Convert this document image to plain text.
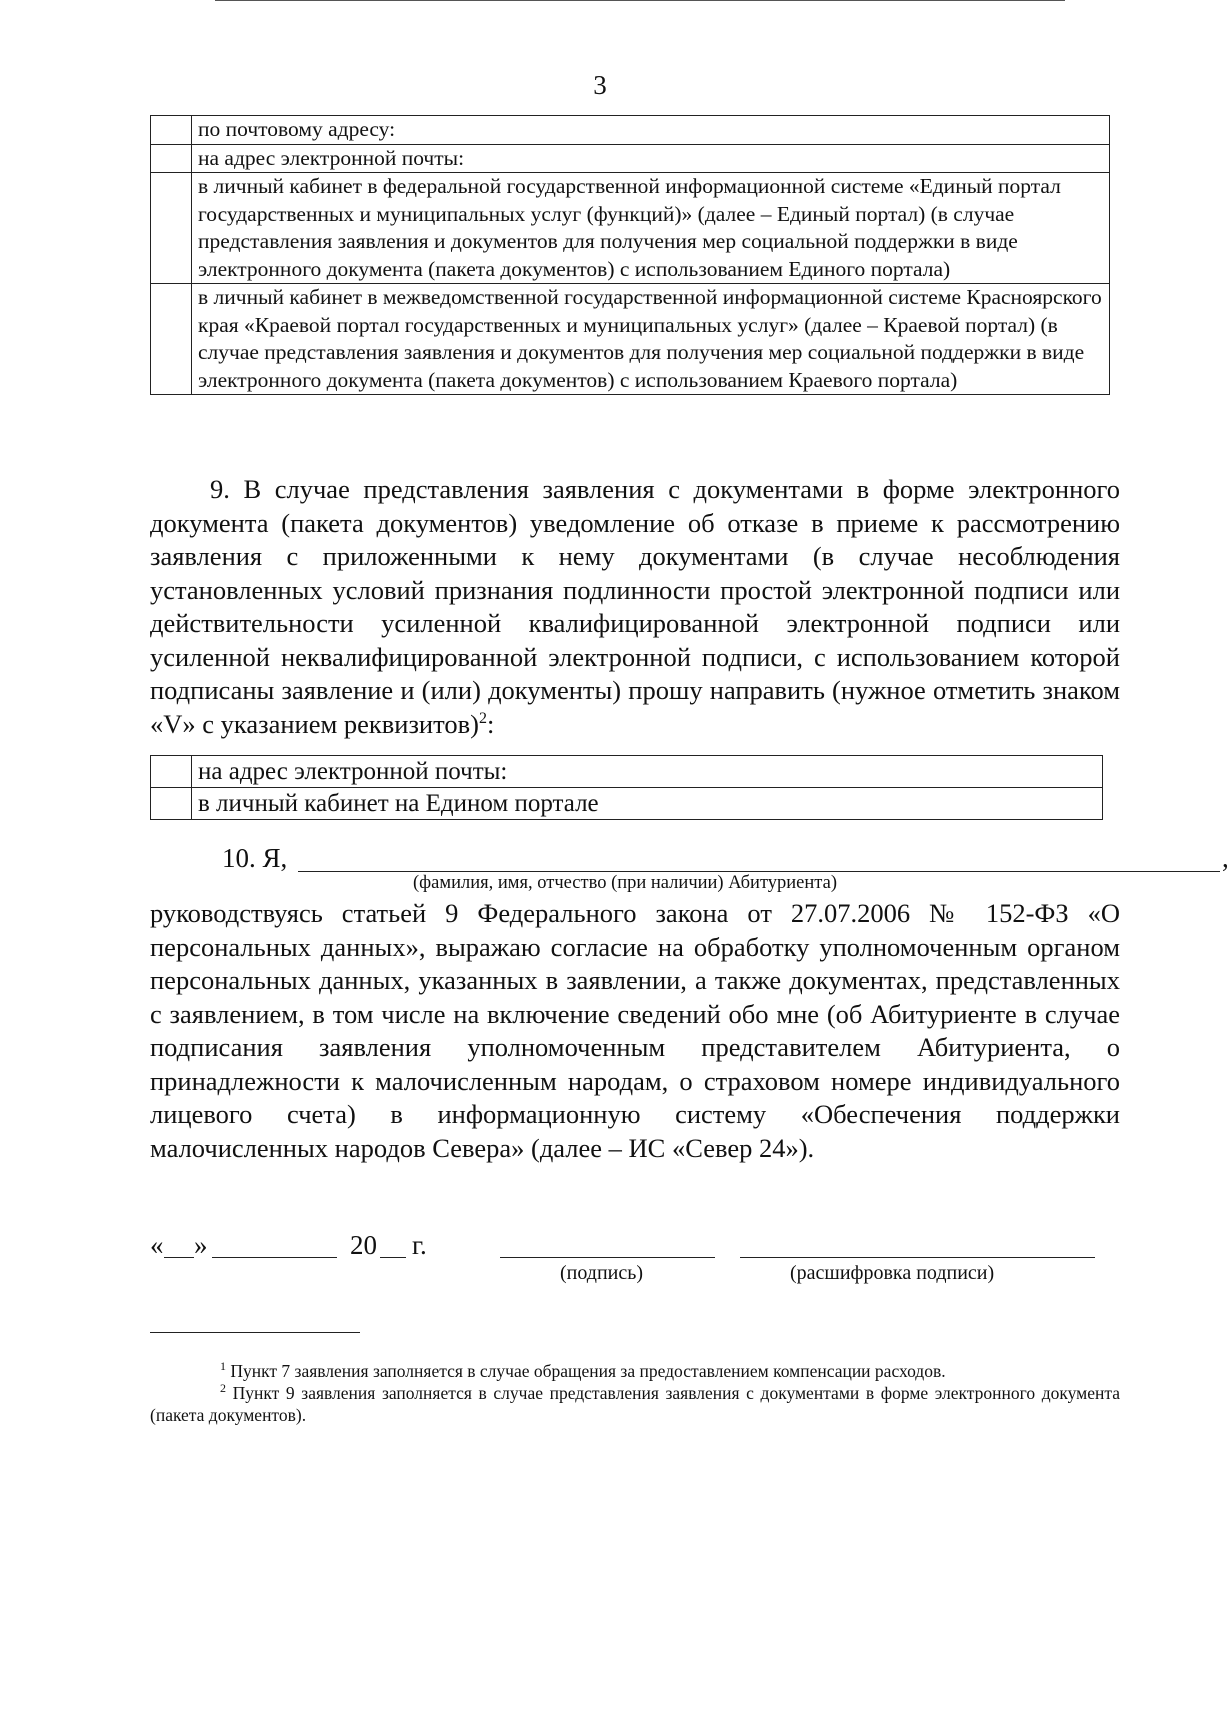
3
	по почтовому адресу:
	на адрес электронной почты:
	в личный кабинет в федеральной государственной информационной системе «Единый портал государственных и муниципальных услуг (функций)» (далее – Единый портал) (в случае представления заявления и документов для получения мер социальной поддержки в виде электронного документа (пакета документов) с использованием Единого портала)
	в личный кабинет в межведомственной государственной информационной системе Красноярского края «Краевой портал государственных и муниципальных услуг» (далее – Краевой портал) (в случае представления заявления и документов для получения мер социальной поддержки в виде электронного документа (пакета документов) с использованием Краевого портала)

9. В случае представления заявления с документами в форме электронного документа (пакета документов) уведомление об отказе в приеме к рассмотрению заявления с приложенными к нему документами (в случае несоблюдения установленных условий признания подлинности простой электронной подписи или действительности усиленной квалифицированной электронной подписи или усиленной неквалифицированной электронной подписи, с использованием которой подписаны заявление и (или) документы) прошу направить (нужное отметить знаком «V» с указанием реквизитов)$^2$:

	на адрес электронной почты:
	в личный кабинет на Едином портале
10. Я,	,
(фамилия, имя, отчество (при наличии) Абитуриента)

руководствуясь статьей 9 Федерального закона от 27.07.2006 № 152-ФЗ «О персональных данных», выражаю согласие на обработку уполномоченным органом персональных данных, указанных в заявлении, а также документах, представленных с заявлением, в том числе на включение сведений обо мне (об Абитуриенте в случае подписания заявления уполномоченным представителем Абитуриента, о принадлежности к малочисленным народам, о страховом номере индивидуального лицевого счета) в информационную систему «Обеспечения поддержки малочисленных народов Севера» (далее – ИС «Север 24»).

« »	20 г.
(подпись)	(расшифровка подписи)

$^1$ Пункт 7 заявления заполняется в случае обращения за предоставлением компенсации расходов.

$^2$ Пункт 9 заявления заполняется в случае представления заявления с документами в форме электронного документа (пакета документов).
